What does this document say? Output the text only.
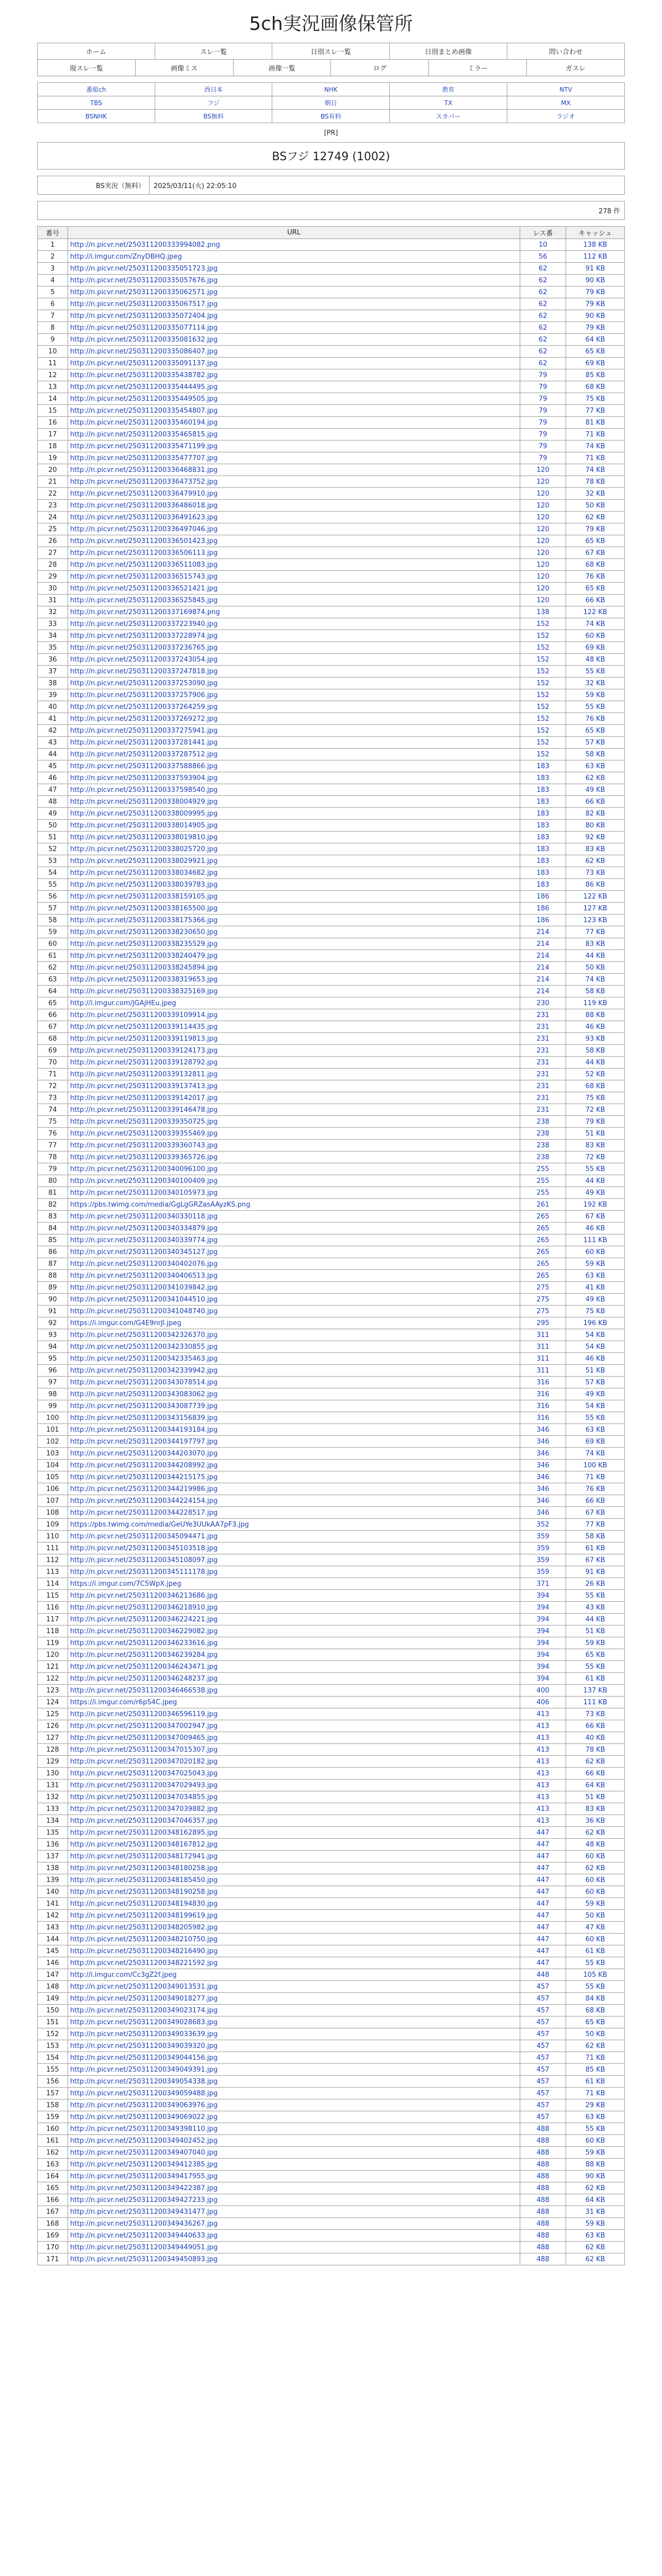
5ch実況画像保管所
ホーム		スレ一覧		日別スレ一覧		日別まとめ画像		問い合わせ	
現スレ一覧	画像ミス		画像一覧		ログ		ミラー		ガスレ
番組ch	西日本	NHK	教育	NTV
TBS	フジ	朝日	TX	MX
BSNHK	BS無料	BS有料	スカパー	ラジオ
[PR]
BSフジ 12749 (1002)
BS実況（無料）	2025/03/11(火) 22:05:10
278 件
番号	URL	レス番	キャッシュ
1	http://n.picvr.net/250311200333994082.png	10	138 KB
2	http://i.imgur.com/ZnyDBHQ.jpeg	56	112 KB
3	http://n.picvr.net/250311200335051723.jpg	62	91 KB
4	http://n.picvr.net/250311200335057676.jpg	62	90 KB
5	http://n.picvr.net/250311200335062571.jpg	62	79 KB
6	http://n.picvr.net/250311200335067517.jpg	62	79 KB
7	http://n.picvr.net/250311200335072404.jpg	62	90 KB
8	http://n.picvr.net/250311200335077114.jpg	62	79 KB
9	http://n.picvr.net/250311200335081632.jpg	62	64 KB
10	http://n.picvr.net/250311200335086407.jpg	62	65 KB
11	http://n.picvr.net/250311200335091137.jpg	62	69 KB
12	http://n.picvr.net/250311200335438782.jpg	79	85 KB
13	http://n.picvr.net/250311200335444495.jpg	79	68 KB
14	http://n.picvr.net/250311200335449505.jpg	79	75 KB
15	http://n.picvr.net/250311200335454807.jpg	79	77 KB
16	http://n.picvr.net/250311200335460194.jpg	79	81 KB
17	http://n.picvr.net/250311200335465815.jpg	79	71 KB
18	http://n.picvr.net/250311200335471199.jpg	79	74 KB
19	http://n.picvr.net/250311200335477707.jpg	79	71 KB
20	http://n.picvr.net/250311200336468831.jpg	120	74 KB
21	http://n.picvr.net/250311200336473752.jpg	120	78 KB
22	http://n.picvr.net/250311200336479910.jpg	120	32 KB
23	http://n.picvr.net/250311200336486018.jpg	120	50 KB
24	http://n.picvr.net/250311200336491623.jpg	120	62 KB
25	http://n.picvr.net/250311200336497046.jpg	120	79 KB
26	http://n.picvr.net/250311200336501423.jpg	120	65 KB
27	http://n.picvr.net/250311200336506113.jpg	120	67 KB
28	http://n.picvr.net/250311200336511083.jpg	120	68 KB
29	http://n.picvr.net/250311200336515743.jpg	120	76 KB
30	http://n.picvr.net/250311200336521421.jpg	120	65 KB
31	http://n.picvr.net/250311200336525845.jpg	120	66 KB
32	http://n.picvr.net/250311200337169874.png	138	122 KB
33	http://n.picvr.net/250311200337223940.jpg	152	74 KB
34	http://n.picvr.net/250311200337228974.jpg	152	60 KB
35	http://n.picvr.net/250311200337236765.jpg	152	69 KB
36	http://n.picvr.net/250311200337243054.jpg	152	48 KB
37	http://n.picvr.net/250311200337247818.jpg	152	55 KB
38	http://n.picvr.net/250311200337253090.jpg	152	32 KB
39	http://n.picvr.net/250311200337257906.jpg	152	59 KB
40	http://n.picvr.net/250311200337264259.jpg	152	55 KB
41	http://n.picvr.net/250311200337269272.jpg	152	76 KB
42	http://n.picvr.net/250311200337275941.jpg	152	65 KB
43	http://n.picvr.net/250311200337281441.jpg	152	57 KB
44	http://n.picvr.net/250311200337287512.jpg	152	58 KB
45	http://n.picvr.net/250311200337588866.jpg	183	63 KB
46	http://n.picvr.net/250311200337593904.jpg	183	62 KB
47	http://n.picvr.net/250311200337598540.jpg	183	49 KB
48	http://n.picvr.net/250311200338004929.jpg	183	66 KB
49	http://n.picvr.net/250311200338009995.jpg	183	82 KB
50	http://n.picvr.net/250311200338014905.jpg	183	80 KB
51	http://n.picvr.net/250311200338019810.jpg	183	92 KB
52	http://n.picvr.net/250311200338025720.jpg	183	83 KB
53	http://n.picvr.net/250311200338029921.jpg	183	62 KB
54	http://n.picvr.net/250311200338034682.jpg	183	73 KB
55	http://n.picvr.net/250311200338039783.jpg	183	86 KB
56	http://n.picvr.net/250311200338159105.jpg	186	122 KB
57	http://n.picvr.net/250311200338165500.jpg	186	127 KB
58	http://n.picvr.net/250311200338175366.jpg	186	123 KB
59	http://n.picvr.net/250311200338230650.jpg	214	77 KB
60	http://n.picvr.net/250311200338235529.jpg	214	83 KB
61	http://n.picvr.net/250311200338240479.jpg	214	44 KB
62	http://n.picvr.net/250311200338245894.jpg	214	50 KB
63	http://n.picvr.net/250311200338319653.jpg	214	74 KB
64	http://n.picvr.net/250311200338325169.jpg	214	58 KB
65	http://i.imgur.com/JGAjHEu.jpeg	230	119 KB
66	http://n.picvr.net/250311200339109914.jpg	231	88 KB
67	http://n.picvr.net/250311200339114435.jpg	231	46 KB
68	http://n.picvr.net/250311200339119813.jpg	231	93 KB
69	http://n.picvr.net/250311200339124173.jpg	231	58 KB
70	http://n.picvr.net/250311200339128792.jpg	231	44 KB
71	http://n.picvr.net/250311200339132811.jpg	231	52 KB
72	http://n.picvr.net/250311200339137413.jpg	231	68 KB
73	http://n.picvr.net/250311200339142017.jpg	231	75 KB
74	http://n.picvr.net/250311200339146478.jpg	231	72 KB
75	http://n.picvr.net/250311200339350725.jpg	238	79 KB
76	http://n.picvr.net/250311200339355469.jpg	238	51 KB
77	http://n.picvr.net/250311200339360743.jpg	238	83 KB
78	http://n.picvr.net/250311200339365726.jpg	238	72 KB
79	http://n.picvr.net/250311200340096100.jpg	255	55 KB
80	http://n.picvr.net/250311200340100409.jpg	255	44 KB
81	http://n.picvr.net/250311200340105973.jpg	255	49 KB
82	https://pbs.twimg.com/media/GgLgGRZasAAyzKS.png	261	192 KB
83	http://n.picvr.net/250311200340330118.jpg	265	67 KB
84	http://n.picvr.net/250311200340334879.jpg	265	46 KB
85	http://n.picvr.net/250311200340339774.jpg	265	111 KB
86	http://n.picvr.net/250311200340345127.jpg	265	60 KB
87	http://n.picvr.net/250311200340402076.jpg	265	59 KB
88	http://n.picvr.net/250311200340406513.jpg	265	63 KB
89	http://n.picvr.net/250311200341039842.jpg	275	41 KB
90	http://n.picvr.net/250311200341044510.jpg	275	49 KB
91	http://n.picvr.net/250311200341048740.jpg	275	75 KB
92	https://i.imgur.com/G4E9nrJl.jpeg	295	196 KB
93	http://n.picvr.net/250311200342326370.jpg	311	54 KB
94	http://n.picvr.net/250311200342330855.jpg	311	54 KB
95	http://n.picvr.net/250311200342335463.jpg	311	46 KB
96	http://n.picvr.net/250311200342339942.jpg	311	51 KB
97	http://n.picvr.net/250311200343078514.jpg	316	57 KB
98	http://n.picvr.net/250311200343083062.jpg	316	49 KB
99	http://n.picvr.net/250311200343087739.jpg	316	54 KB
100	http://n.picvr.net/250311200343156839.jpg	316	55 KB
101	http://n.picvr.net/250311200344193184.jpg	346	63 KB
102	http://n.picvr.net/250311200344197797.jpg	346	69 KB
103	http://n.picvr.net/250311200344203070.jpg	346	74 KB
104	http://n.picvr.net/250311200344208992.jpg	346	100 KB
105	http://n.picvr.net/250311200344215175.jpg	346	71 KB
106	http://n.picvr.net/250311200344219986.jpg	346	76 KB
107	http://n.picvr.net/250311200344224154.jpg	346	66 KB
108	http://n.picvr.net/250311200344228517.jpg	346	67 KB
109	https://pbs.twimg.com/media/GeUYe3UUkAA7pF3.jpg	352	77 KB
110	http://n.picvr.net/250311200345094471.jpg	359	58 KB
111	http://n.picvr.net/250311200345103518.jpg	359	61 KB
112	http://n.picvr.net/250311200345108097.jpg	359	67 KB
113	http://n.picvr.net/250311200345111178.jpg	359	91 KB
114	https://i.imgur.com/7C5WpX.jpeg	371	26 KB
115	http://n.picvr.net/250311200346213686.jpg	394	55 KB
116	http://n.picvr.net/250311200346218910.jpg	394	43 KB
117	http://n.picvr.net/250311200346224221.jpg	394	44 KB
118	http://n.picvr.net/250311200346229082.jpg	394	51 KB
119	http://n.picvr.net/250311200346233616.jpg	394	59 KB
120	http://n.picvr.net/250311200346239284.jpg	394	65 KB
121	http://n.picvr.net/250311200346243471.jpg	394	55 KB
122	http://n.picvr.net/250311200346248237.jpg	394	61 KB
123	http://n.picvr.net/250311200346466538.jpg	400	137 KB
124	https://i.imgur.com/r6pS4C.jpeg	406	111 KB
125	http://n.picvr.net/250311200346596119.jpg	413	73 KB
126	http://n.picvr.net/250311200347002947.jpg	413	66 KB
127	http://n.picvr.net/250311200347009465.jpg	413	40 KB
128	http://n.picvr.net/250311200347015307.jpg	413	78 KB
129	http://n.picvr.net/250311200347020182.jpg	413	62 KB
130	http://n.picvr.net/250311200347025043.jpg	413	66 KB
131	http://n.picvr.net/250311200347029493.jpg	413	64 KB
132	http://n.picvr.net/250311200347034855.jpg	413	51 KB
133	http://n.picvr.net/250311200347039882.jpg	413	83 KB
134	http://n.picvr.net/250311200347046357.jpg	413	36 KB
135	http://n.picvr.net/250311200348162895.jpg	447	62 KB
136	http://n.picvr.net/250311200348167812.jpg	447	48 KB
137	http://n.picvr.net/250311200348172941.jpg	447	60 KB
138	http://n.picvr.net/250311200348180258.jpg	447	62 KB
139	http://n.picvr.net/250311200348185450.jpg	447	60 KB
140	http://n.picvr.net/250311200348190258.jpg	447	60 KB
141	http://n.picvr.net/250311200348194830.jpg	447	59 KB
142	http://n.picvr.net/250311200348199619.jpg	447	50 KB
143	http://n.picvr.net/250311200348205982.jpg	447	47 KB
144	http://n.picvr.net/250311200348210750.jpg	447	60 KB
145	http://n.picvr.net/250311200348216490.jpg	447	61 KB
146	http://n.picvr.net/250311200348221592.jpg	447	55 KB
147	http://i.imgur.com/Cc3gZ2f.jpeg	448	105 KB
148	http://n.picvr.net/250311200349013531.jpg	457	55 KB
149	http://n.picvr.net/250311200349018277.jpg	457	84 KB
150	http://n.picvr.net/250311200349023174.jpg	457	68 KB
151	http://n.picvr.net/250311200349028683.jpg	457	65 KB
152	http://n.picvr.net/250311200349033639.jpg	457	50 KB
153	http://n.picvr.net/250311200349039320.jpg	457	62 KB
154	http://n.picvr.net/250311200349044156.jpg	457	71 KB
155	http://n.picvr.net/250311200349049391.jpg	457	85 KB
156	http://n.picvr.net/250311200349054338.jpg	457	61 KB
157	http://n.picvr.net/250311200349059488.jpg	457	71 KB
158	http://n.picvr.net/250311200349063976.jpg	457	29 KB
159	http://n.picvr.net/250311200349069022.jpg	457	63 KB
160	http://n.picvr.net/250311200349398110.jpg	488	55 KB
161	http://n.picvr.net/250311200349402452.jpg	488	60 KB
162	http://n.picvr.net/250311200349407040.jpg	488	59 KB
163	http://n.picvr.net/250311200349412385.jpg	488	88 KB
164	http://n.picvr.net/250311200349417955.jpg	488	90 KB
165	http://n.picvr.net/250311200349422387.jpg	488	62 KB
166	http://n.picvr.net/250311200349427233.jpg	488	64 KB
167	http://n.picvr.net/250311200349431477.jpg	488	31 KB
168	http://n.picvr.net/250311200349436267.jpg	488	59 KB
169	http://n.picvr.net/250311200349440633.jpg	488	63 KB
170	http://n.picvr.net/250311200349449051.jpg	488	62 KB
171	http://n.picvr.net/250311200349450893.jpg	488	62 KB
